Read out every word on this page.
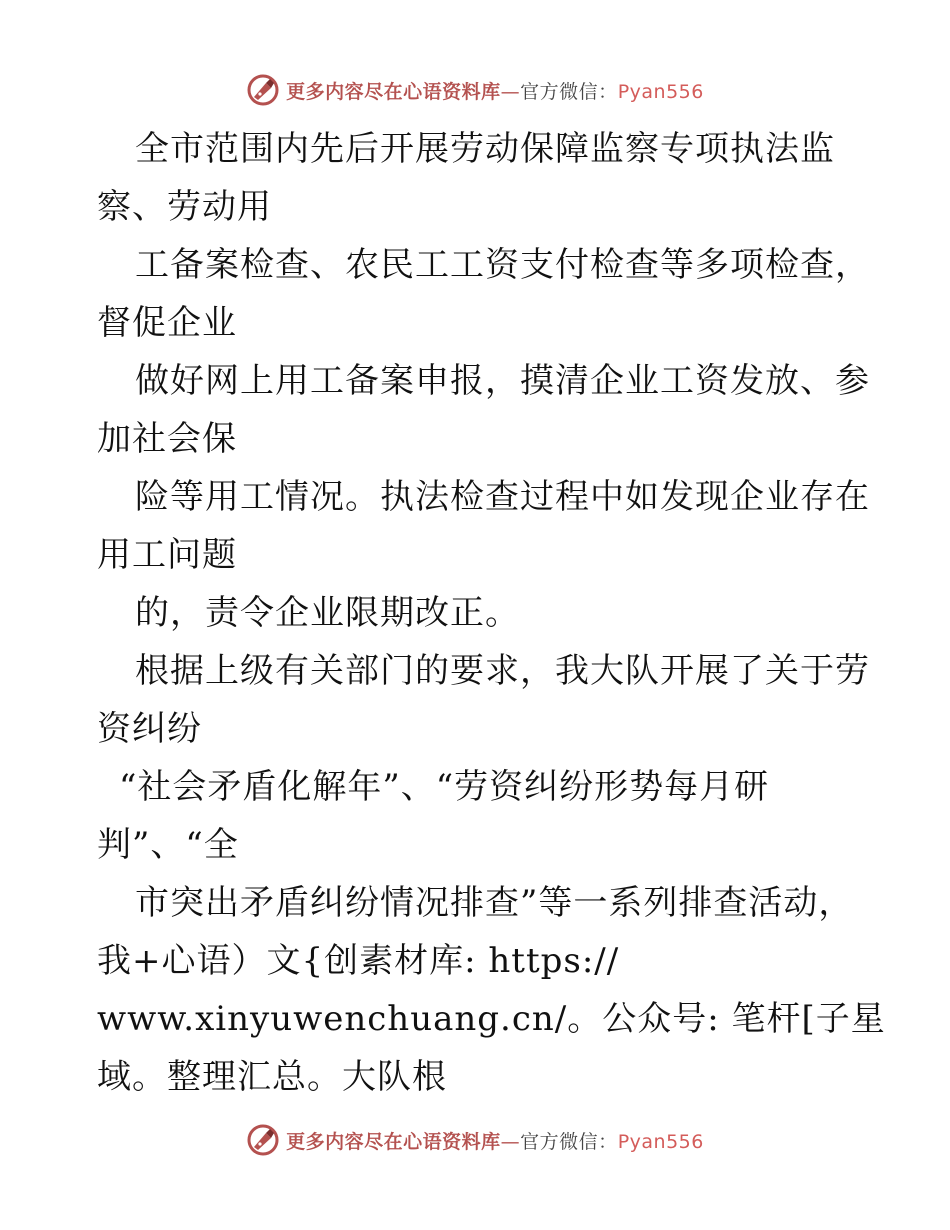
更多内容尽在心语资料库—官方微信：Pyan556
全市范围内先后开展劳动保障监察专项执法监
察、劳动用
工备案检查、农民工工资支付检查等多项检查，
督促企业
做好网上用工备案申报，摸清企业工资发放、参
加社会保
险等用工情况。执法检查过程中如发现企业存在
用工问题
的，责令企业限期改正。
根据上级有关部门的要求，我大队开展了关于劳
资纠纷
“社会矛盾化解年”、“劳资纠纷形势每月研
判”、“全
市突出矛盾纠纷情况排查”等一系列排查活动，
我+心语）文{创素材库: https://
www.xinyuwenchuang.cn/。公众号: 笔杆[子星
域。整理汇总。大队根
更多内容尽在心语资料库—官方微信：Pyan556
